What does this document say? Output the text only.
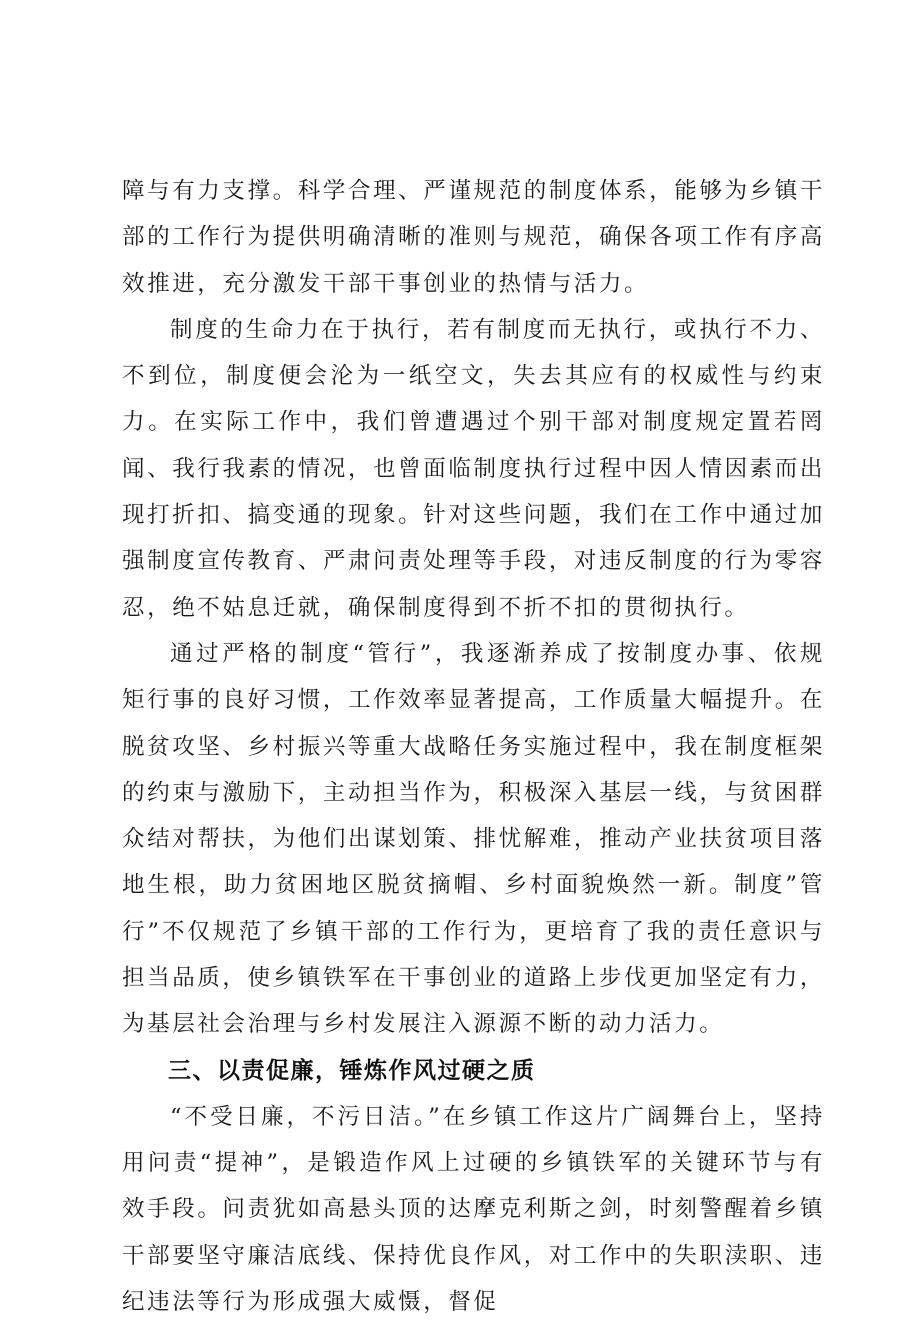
障与有力支撑。科学合理、严谨规范的制度体系，能够为乡镇干部的工作行为提供明确清晰的准则与规范，确保各项工作有序高效推进，充分激发干部干事创业的热情与活力。

制度的生命力在于执行，若有制度而无执行，或执行不力、不到位，制度便会沦为一纸空文，失去其应有的权威性与约束力。在实际工作中，我们曾遭遇过个别干部对制度规定置若罔闻、我行我素的情况，也曾面临制度执行过程中因人情因素而出现打折扣、搞变通的现象。针对这些问题，我们在工作中通过加强制度宣传教育、严肃问责处理等手段，对违反制度的行为零容忍，绝不姑息迁就，确保制度得到不折不扣的贯彻执行。

通过严格的制度“管行”，我逐渐养成了按制度办事、依规矩行事的良好习惯，工作效率显著提高，工作质量大幅提升。在脱贫攻坚、乡村振兴等重大战略任务实施过程中，我在制度框架的约束与激励下，主动担当作为，积极深入基层一线，与贫困群众结对帮扶，为他们出谋划策、排忧解难，推动产业扶贫项目落地生根，助力贫困地区脱贫摘帽、乡村面貌焕然一新。制度”管行”不仅规范了乡镇干部的工作行为，更培育了我的责任意识与担当品质，使乡镇铁军在干事创业的道路上步伐更加坚定有力，为基层社会治理与乡村发展注入源源不断的动力活力。

三、以责促廉，锤炼作风过硬之质

“不受日廉，不污日洁。”在乡镇工作这片广阔舞台上，坚持用问责“提神”，是锻造作风上过硬的乡镇铁军的关键环节与有效手段。问责犹如高悬头顶的达摩克利斯之剑，时刻警醒着乡镇干部要坚守廉洁底线、保持优良作风，对工作中的失职渎职、违纪违法等行为形成强大威慑，督促
